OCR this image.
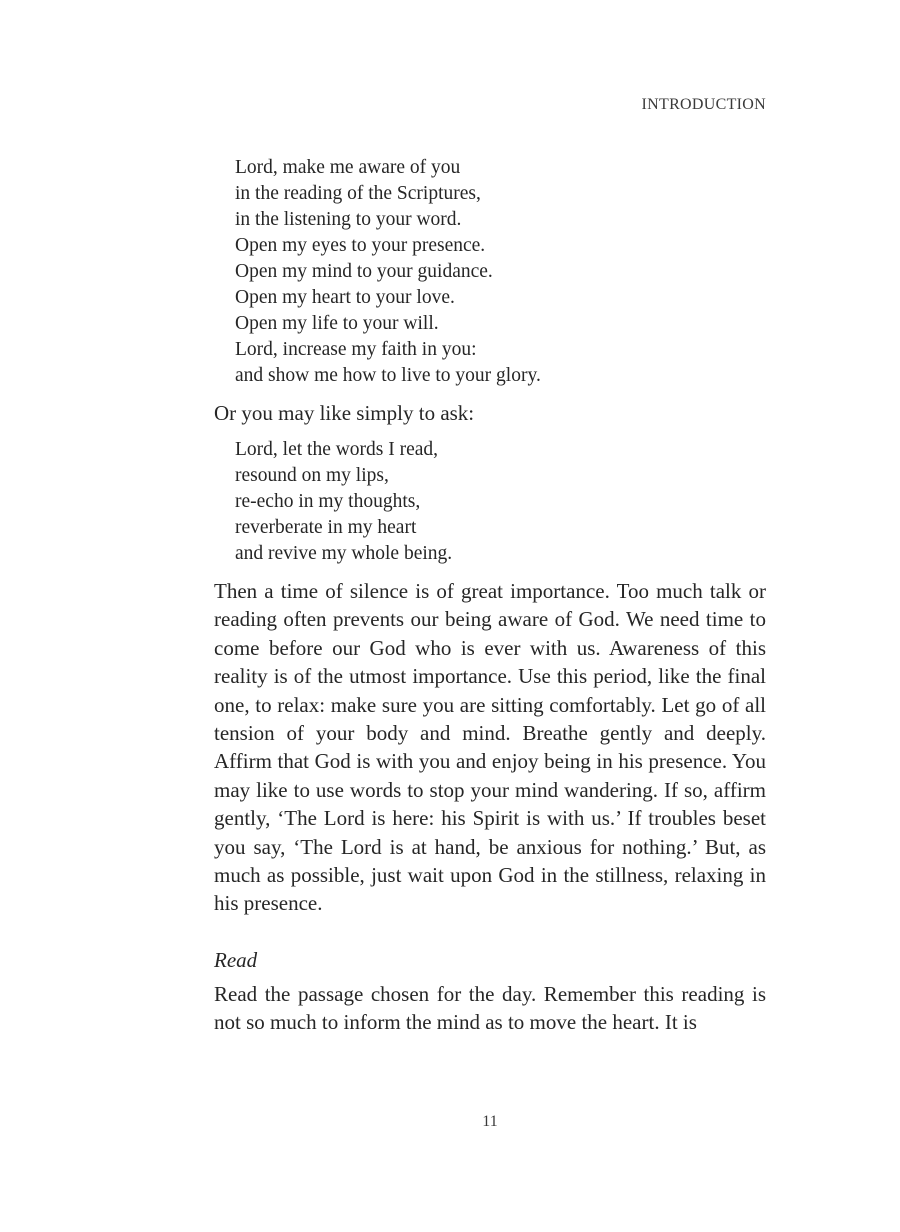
INTRODUCTION
Lord, make me aware of you
in the reading of the Scriptures,
in the listening to your word.
Open my eyes to your presence.
Open my mind to your guidance.
Open my heart to your love.
Open my life to your will.
Lord, increase my faith in you:
and show me how to live to your glory.

Or you may like simply to ask:

Lord, let the words I read,
resound on my lips,
re-echo in my thoughts,
reverberate in my heart
and revive my whole being.

Then a time of silence is of great importance. Too much talk or reading often prevents our being aware of God. We need time to come before our God who is ever with us. Awareness of this reality is of the utmost importance. Use this period, like the final one, to relax: make sure you are sitting comfortably. Let go of all tension of your body and mind. Breathe gently and deeply. Affirm that God is with you and enjoy being in his presence. You may like to use words to stop your mind wandering. If so, affirm gently, ‘The Lord is here: his Spirit is with us.’ If troubles beset you say, ‘The Lord is at hand, be anxious for nothing.’ But, as much as possible, just wait upon God in the stillness, relaxing in his presence.

Read

Read the passage chosen for the day. Remember this reading is not so much to inform the mind as to move the heart. It is

11
